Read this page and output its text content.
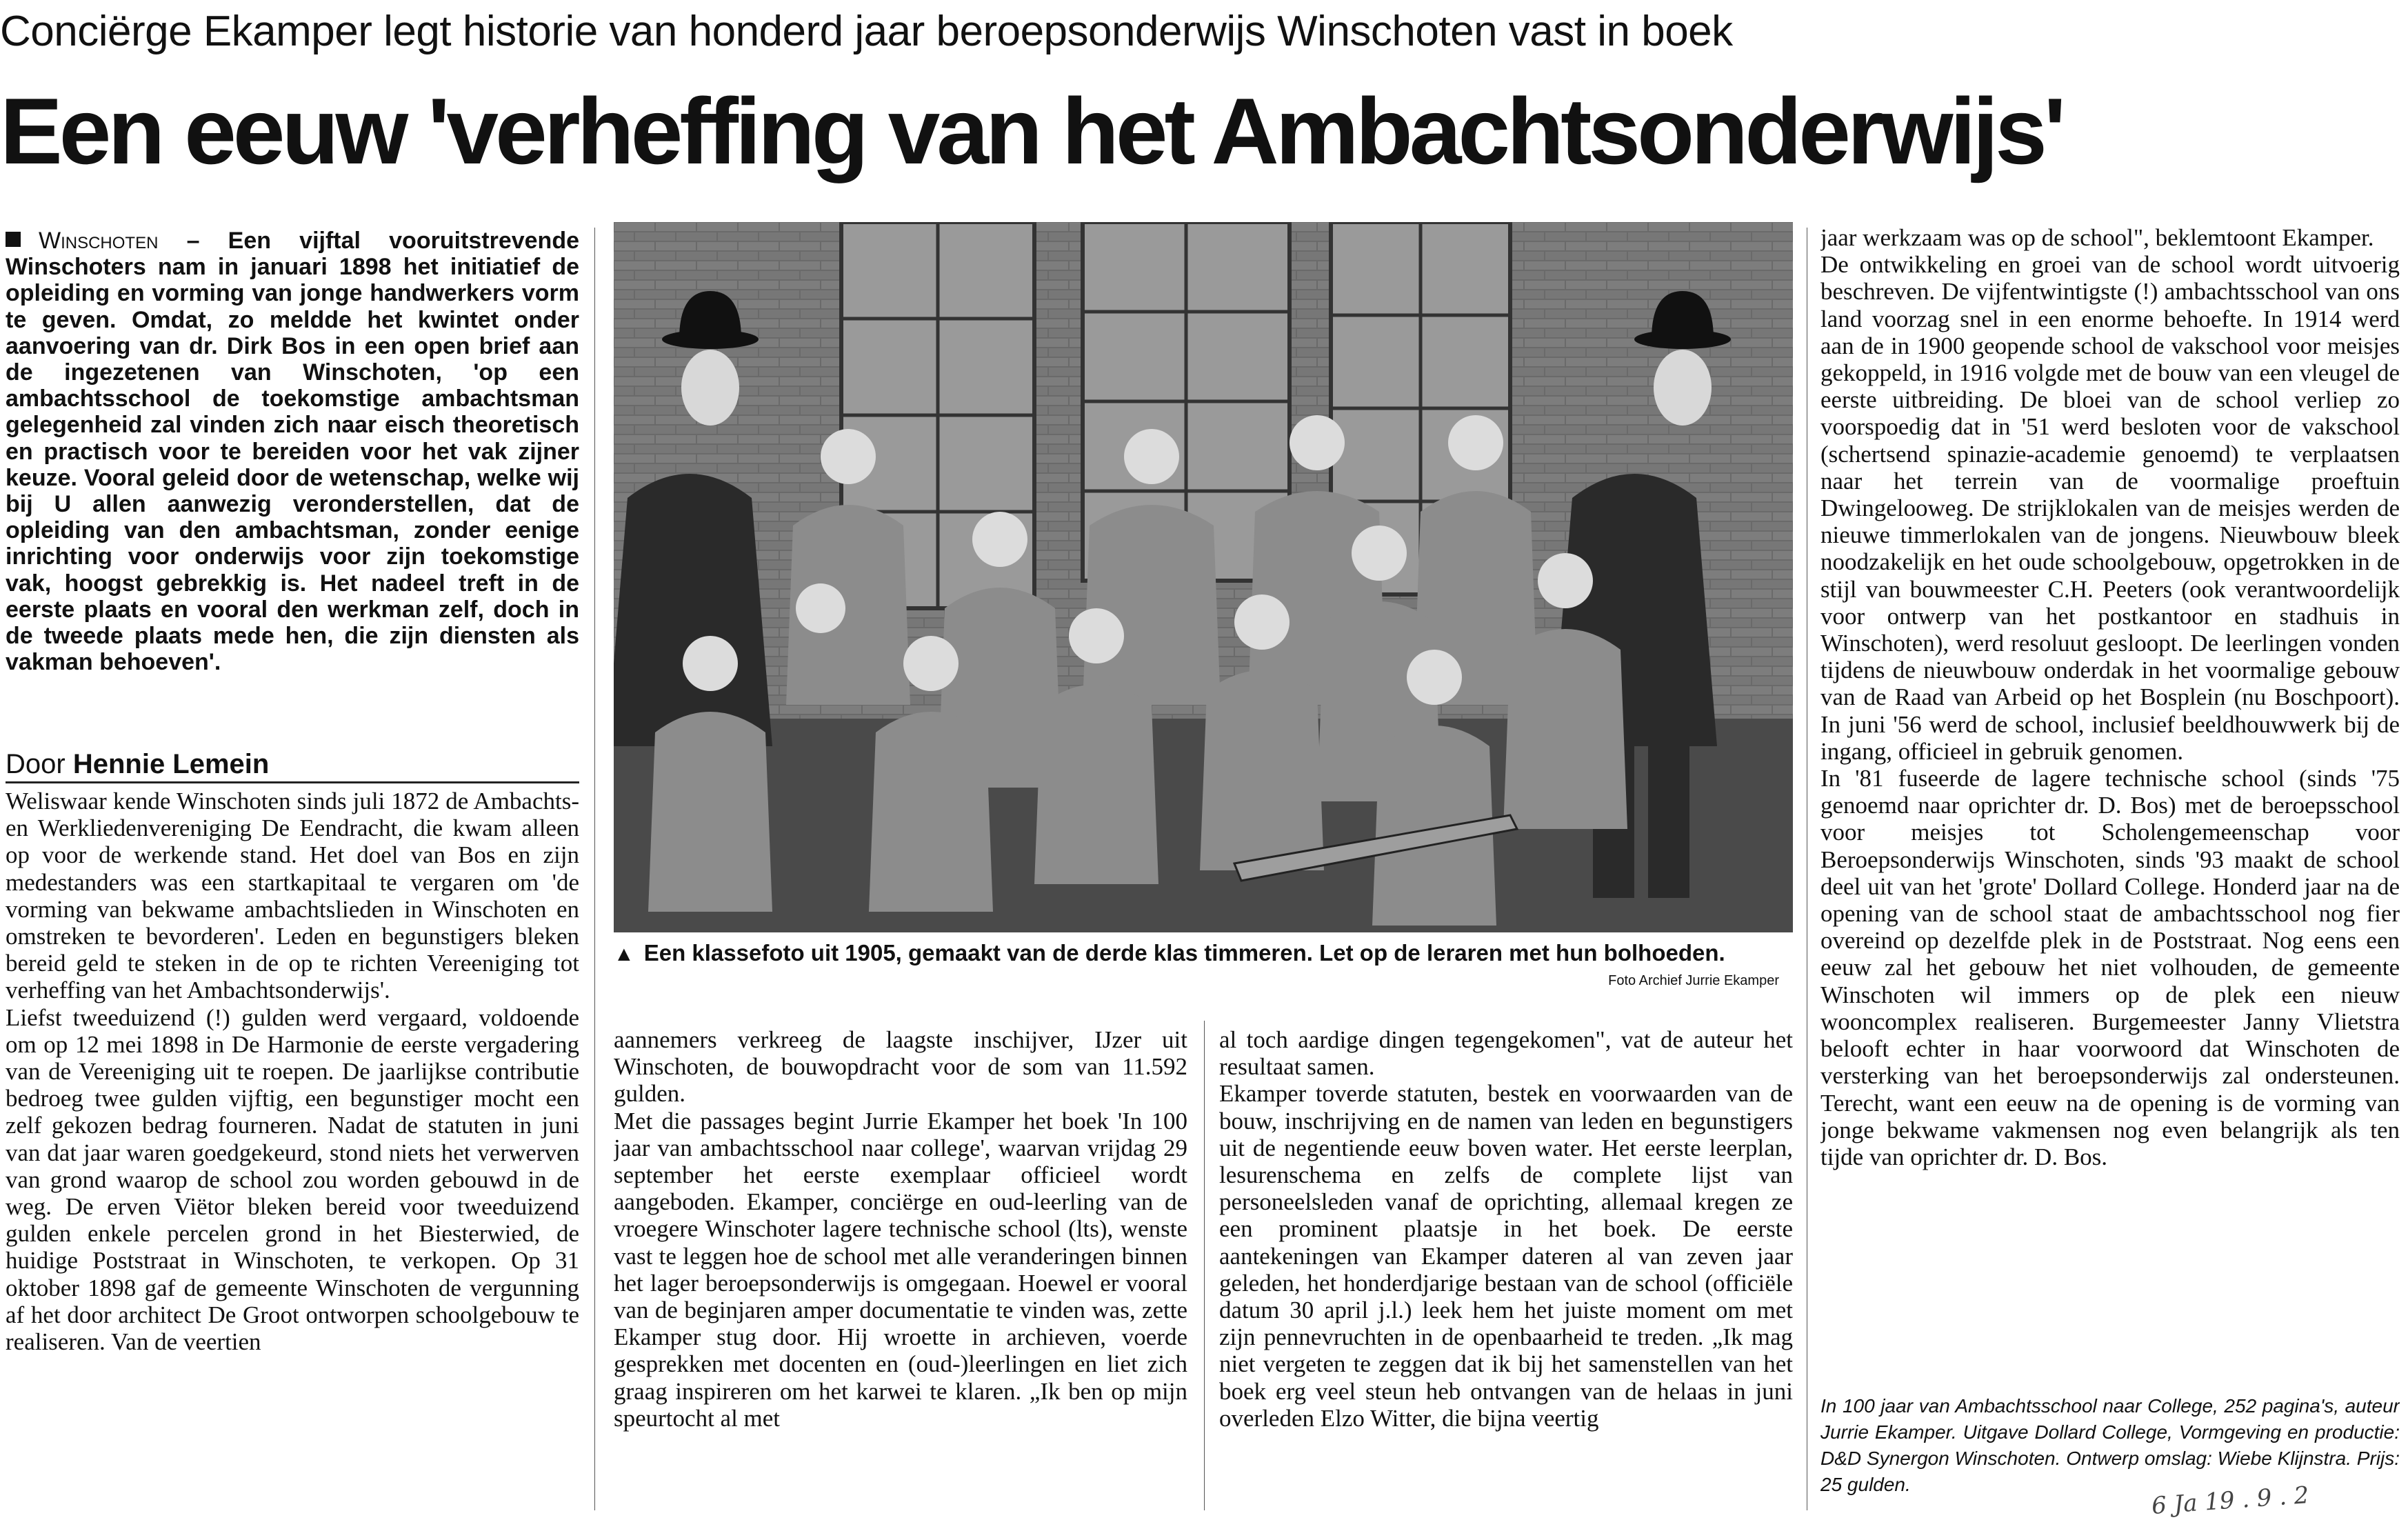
Conciërge Ekamper legt historie van honderd jaar beroepsonderwijs Winschoten vast in boek
Een eeuw 'verheffing van het Ambachtsonderwijs'
Winschoten – Een vijftal vooruitstrevende Winschoters nam in januari 1898 het initiatief de opleiding en vorming van jonge handwerkers vorm te geven. Omdat, zo meldde het kwintet onder aanvoering van dr. Dirk Bos in een open brief aan de ingezetenen van Winschoten, 'op een ambachtsschool de toekomstige ambachtsman gelegenheid zal vinden zich naar eisch theoretisch en practisch voor te bereiden voor het vak zijner keuze. Vooral geleid door de wetenschap, welke wij bij U allen aanwezig veronderstellen, dat de opleiding van den ambachtsman, zonder eenige inrichting voor onderwijs voor zijn toekomstige vak, hoogst gebrekkig is. Het nadeel treft in de eerste plaats en vooral den werkman zelf, doch in de tweede plaats mede hen, die zijn diensten als vakman behoeven'.
Door Hennie Lemein

Weliswaar kende Winschoten sinds juli 1872 de Ambachts- en Werkliedenvereniging De Eendracht, die kwam alleen op voor de werkende stand. Het doel van Bos en zijn medestanders was een startkapitaal te vergaren om 'de vorming van bekwame ambachtslieden in Winschoten en omstreken te bevorderen'. Leden en begunstigers bleken bereid geld te steken in de op te richten Vereeniging tot verheffing van het Ambachtsonderwijs'.

Liefst tweeduizend (!) gulden werd vergaard, voldoende om op 12 mei 1898 in De Harmonie de eerste vergadering van de Vereeniging uit te roepen. De jaarlijkse contributie bedroeg twee gulden vijftig, een begunstiger mocht een zelf gekozen bedrag fourneren. Nadat de statuten in juni van dat jaar waren goedgekeurd, stond niets het verwerven van grond waarop de school zou worden gebouwd in de weg. De erven Viëtor bleken bereid voor tweeduizend gulden enkele percelen grond in het Biesterwied, de huidige Poststraat in Winschoten, te verkopen. Op 31 oktober 1898 gaf de gemeente Winschoten de vergunning af het door architect De Groot ontworpen schoolgebouw te realiseren. Van de veertien

▲ Een klassefoto uit 1905, gemaakt van de derde klas timmeren. Let op de leraren met hun bolhoeden.
Foto Archief Jurrie Ekamper

aannemers verkreeg de laagste inschijver, IJzer uit Winschoten, de bouwopdracht voor de som van 11.592 gulden.

Met die passages begint Jurrie Ekamper het boek 'In 100 jaar van ambachtsschool naar college', waarvan vrijdag 29 september het eerste exemplaar officieel wordt aangeboden. Ekamper, conciërge en oud-leerling van de vroegere Winschoter lagere technische school (lts), wenste vast te leggen hoe de school met alle veranderingen binnen het lager beroepsonderwijs is omgegaan. Hoewel er vooral van de beginjaren amper documentatie te vinden was, zette Ekamper stug door. Hij wroette in archieven, voerde gesprekken met docenten en (oud-)leerlingen en liet zich graag inspireren om het karwei te klaren. „Ik ben op mijn speurtocht al met

al toch aardige dingen tegengekomen", vat de auteur het resultaat samen.

Ekamper toverde statuten, bestek en voorwaarden van de bouw, inschrijving en de namen van leden en begunstigers uit de negentiende eeuw boven water. Het eerste leerplan, lesurenschema en zelfs de complete lijst van personeelsleden vanaf de oprichting, allemaal kregen ze een prominent plaatsje in het boek. De eerste aantekeningen van Ekamper dateren al van zeven jaar geleden, het honderdjarige bestaan van de school (officiële datum 30 april j.l.) leek hem het juiste moment om met zijn pennevruchten in de openbaarheid te treden. „Ik mag niet vergeten te zeggen dat ik bij het samenstellen van het boek erg veel steun heb ontvangen van de helaas in juni overleden Elzo Witter, die bijna veertig

jaar werkzaam was op de school", beklemtoont Ekamper.

De ontwikkeling en groei van de school wordt uitvoerig beschreven. De vijfentwintigste (!) ambachtsschool van ons land voorzag snel in een enorme behoefte. In 1914 werd aan de in 1900 geopende school de vakschool voor meisjes gekoppeld, in 1916 volgde met de bouw van een vleugel de eerste uitbreiding. De bloei van de school verliep zo voorspoedig dat in '51 werd besloten voor de vakschool (schertsend spinazie-academie genoemd) te verplaatsen naar het terrein van de voormalige proeftuin Dwingelooweg. De strijklokalen van de meisjes werden de nieuwe timmerlokalen van de jongens. Nieuwbouw bleek noodzakelijk en het oude schoolgebouw, opgetrokken in de stijl van bouwmeester C.H. Peeters (ook verantwoordelijk voor ontwerp van het postkantoor en stadhuis in Winschoten), werd resoluut gesloopt. De leerlingen vonden tijdens de nieuwbouw onderdak in het voormalige gebouw van de Raad van Arbeid op het Bosplein (nu Boschpoort). In juni '56 werd de school, inclusief beeldhouwwerk bij de ingang, officieel in gebruik genomen.

In '81 fuseerde de lagere technische school (sinds '75 genoemd naar oprichter dr. D. Bos) met de beroepsschool voor meisjes tot Scholengemeenschap voor Beroepsonderwijs Winschoten, sinds '93 maakt de school deel uit van het 'grote' Dollard College. Honderd jaar na de opening van de school staat de ambachtsschool nog fier overeind op dezelfde plek in de Poststraat. Nog eens een eeuw zal het gebouw het niet volhouden, de gemeente Winschoten wil immers op de plek een nieuw wooncomplex realiseren. Burgemeester Janny Vlietstra belooft echter in haar voorwoord dat Winschoten de versterking van het beroepsonderwijs zal ondersteunen. Terecht, want een eeuw na de opening is de vorming van jonge bekwame vakmensen nog even belangrijk als ten tijde van oprichter dr. D. Bos.

In 100 jaar van Ambachtsschool naar College, 252 pagina's, auteur Jurrie Ekamper. Uitgave Dollard College, Vormgeving en productie: D&D Synergon Winschoten. Ontwerp omslag: Wiebe Klijnstra. Prijs: 25 gulden.	6 Ja 19 . 9 . 2
